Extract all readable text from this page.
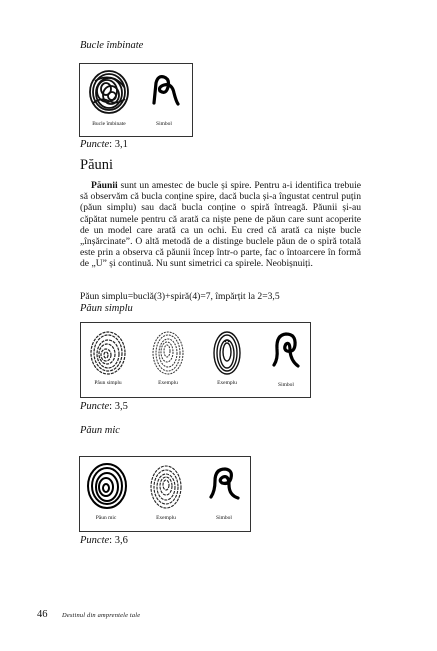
Bucle îmbinate
Bucle îmbinate	Simbol
Puncte: 3,1
Păuni
Păunii sunt un amestec de bucle și spire. Pentru a-i identifica trebuie să observăm că bucla conține spire, dacă bucla și-a îngustat centrul puțin (păun simplu) sau dacă bucla conține o spiră întreagă. Păunii și-au căpătat numele pentru că arată ca niște pene de păun care sunt acoperite de un model care arată ca un ochi. Eu cred că arată ca niște bucle „înșărcinate”. O altă metodă de a distinge buclele păun de o spiră totală este prin a observa că păunii încep într-o parte, fac o întoarcere în formă de „U” și continuă. Nu sunt simetrici ca spirele. Neobișnuiți.
Păun simplu=buclă(3)+spiră(4)=7, împărțit la 2=3,5
Păun simplu
Păun simplu	Exemplu	Exemplu	Simbol
Puncte: 3,5
Păun mic
Păun mic	Exemplu	Simbol
Puncte: 3,6
46 Destinul din amprentele tale
